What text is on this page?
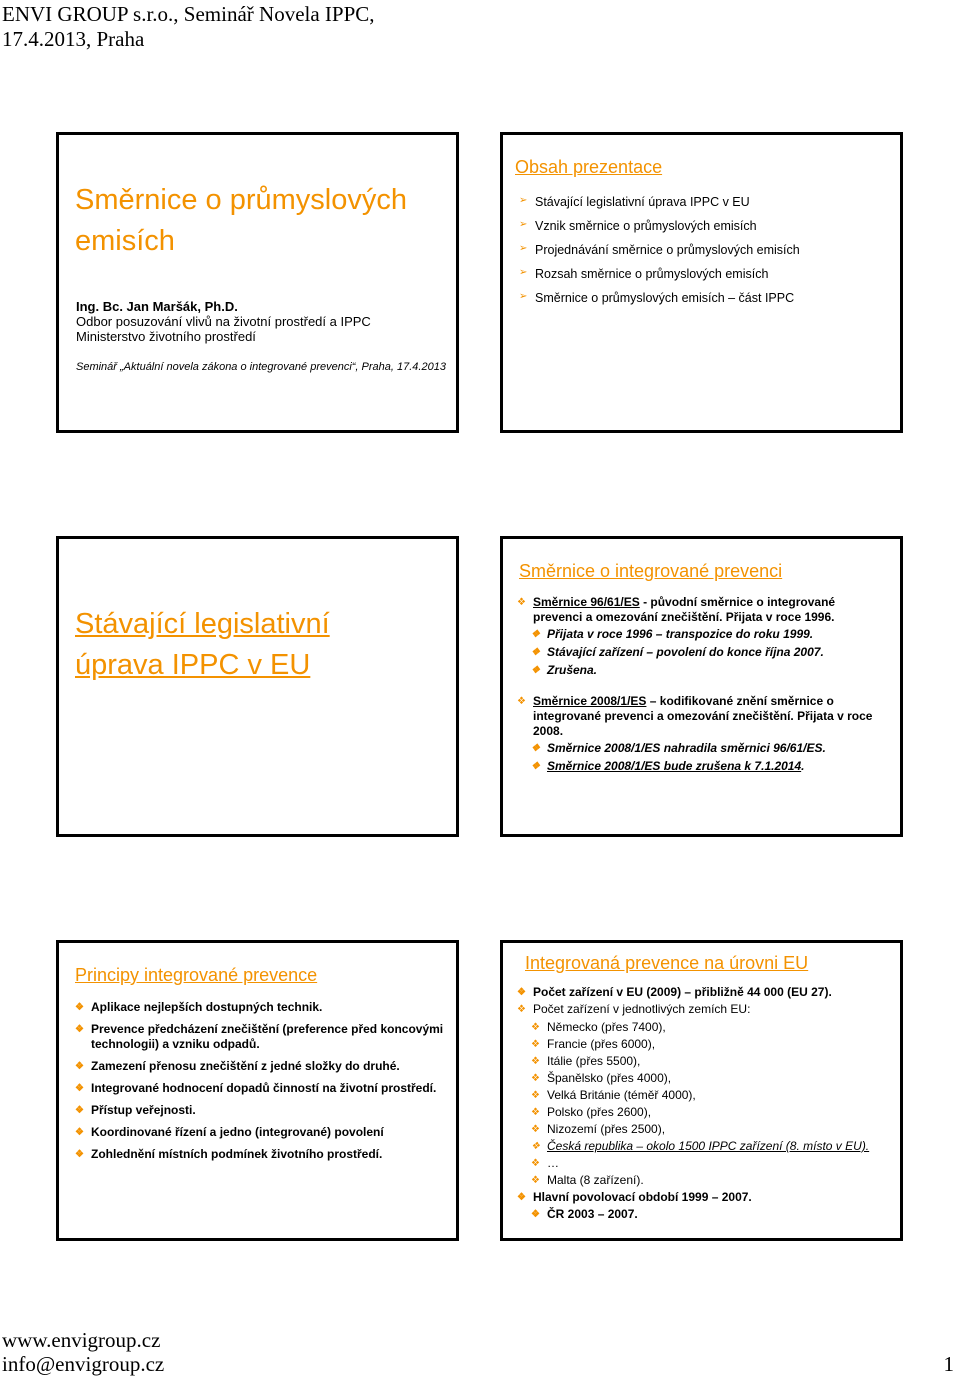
ENVI GROUP s.r.o., Seminář Novela IPPC,
17.4.2013, Praha
Směrnice o průmyslových
emisích
Ing. Bc. Jan Maršák, Ph.D.
Odbor posuzování vlivů na životní prostředí a IPPC
Ministerstvo životního prostředí
Seminář „Aktuální novela zákona o integrované prevenci“, Praha, 17.4.2013
Obsah prezentace
➢ Stávající legislativní úprava IPPC v EU
➢ Vznik směrnice o průmyslových emisích
➢ Projednávání směrnice o průmyslových emisích
➢ Rozsah směrnice o průmyslových emisích
➢ Směrnice o průmyslových emisích – část IPPC
Stávající legislativní
úprava IPPC v EU
Směrnice o integrované prevenci
❖ Směrnice 96/61/ES - původní směrnice o integrované prevenci a omezování znečištění. Přijata v roce 1996.
❖ Přijata v roce 1996 – transpozice do roku 1999.
❖ Stávající zařízení – povolení do konce října 2007.
❖ Zrušena.
❖ Směrnice 2008/1/ES – kodifikované znění směrnice o integrované prevenci a omezování znečištění. Přijata v roce 2008.
❖ Směrnice 2008/1/ES nahradila směrnici 96/61/ES.
❖ Směrnice 2008/1/ES bude zrušena k 7.1.2014.
Principy integrované prevence
❖ Aplikace nejlepších dostupných technik.
❖ Prevence předcházení znečištění (preference před koncovými technologii) a vzniku odpadů.
❖ Zamezení přenosu znečištění z jedné složky do druhé.
❖ Integrované hodnocení dopadů činností na životní prostředí.
❖ Přístup veřejnosti.
❖ Koordinované řízení a jedno (integrované) povolení
❖ Zohlednění místních podmínek životního prostředí.
Integrovaná prevence na úrovni EU
❖ Počet zařízení v EU (2009) – přibližně 44 000 (EU 27).
❖ Počet zařízení v jednotlivých zemích EU:
❖ Německo (přes 7400),
❖ Francie (přes 6000),
❖ Itálie (přes 5500),
❖ Španělsko (přes 4000),
❖ Velká Británie (téměř 4000),
❖ Polsko (přes 2600),
❖ Nizozemí (přes 2500),
❖ Česká republika – okolo 1500 IPPC zařízení (8. místo v EU).
❖ …
❖ Malta (8 zařízení).
❖ Hlavní povolovací období 1999 – 2007.
❖ ČR 2003 – 2007.
www.envigroup.cz
info@envigroup.cz	1
